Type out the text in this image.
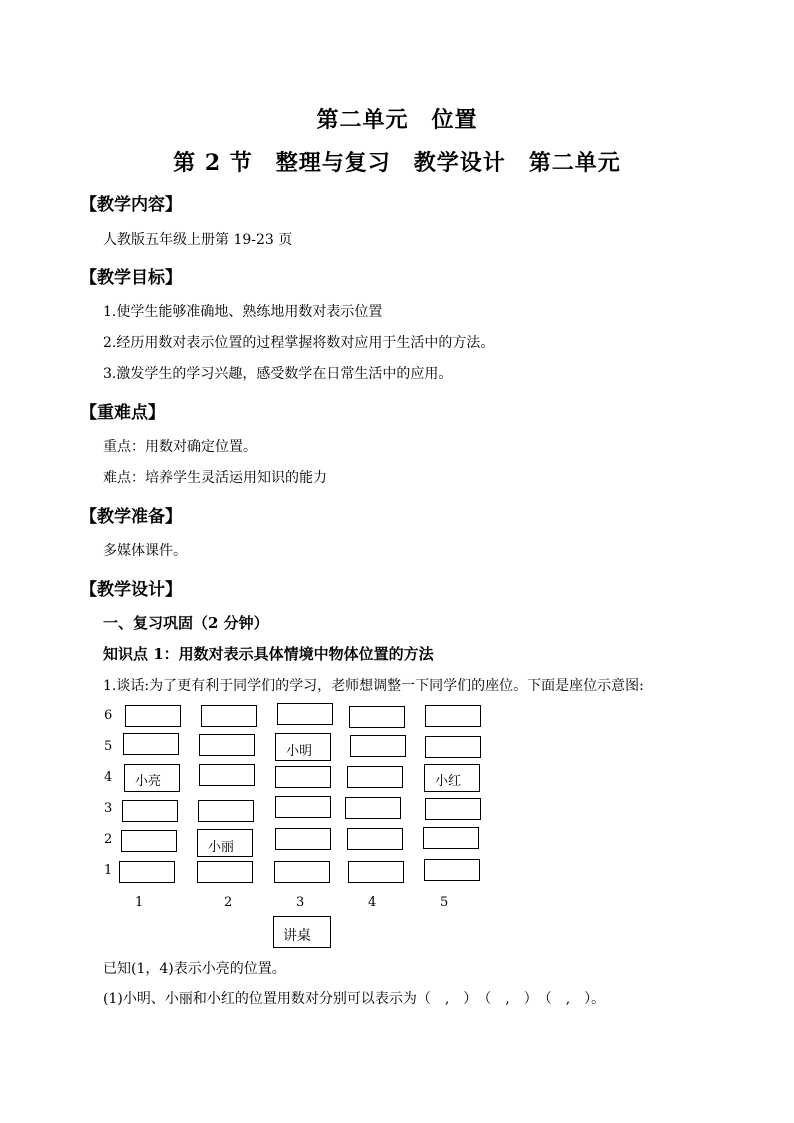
第二单元　位置
第 2 节　整理与复习　教学设计　第二单元
【教学内容】
人教版五年级上册第 19-23 页
【教学目标】
1.使学生能够准确地、熟练地用数对表示位置
2.经历用数对表示位置的过程掌握将数对应用于生活中的方法。
3.激发学生的学习兴趣，感受数学在日常生活中的应用。
【重难点】
重点：用数对确定位置。
难点：培养学生灵活运用知识的能力
【教学准备】
多媒体课件。
【教学设计】
一、复习巩固（2 分钟）
知识点 1：用数对表示具体情境中物体位置的方法
1.谈话:为了更有利于同学们的学习，老师想调整一下同学们的座位。下面是座位示意图:
6
5
4
3
2
1
小明
小亮	小红
小丽
1	2	3	4	5
讲桌
已知(1，4)表示小亮的位置。
(1)小明、小丽和小红的位置用数对分别可以表示为（　,　）　（　,　）　（　,　）。
